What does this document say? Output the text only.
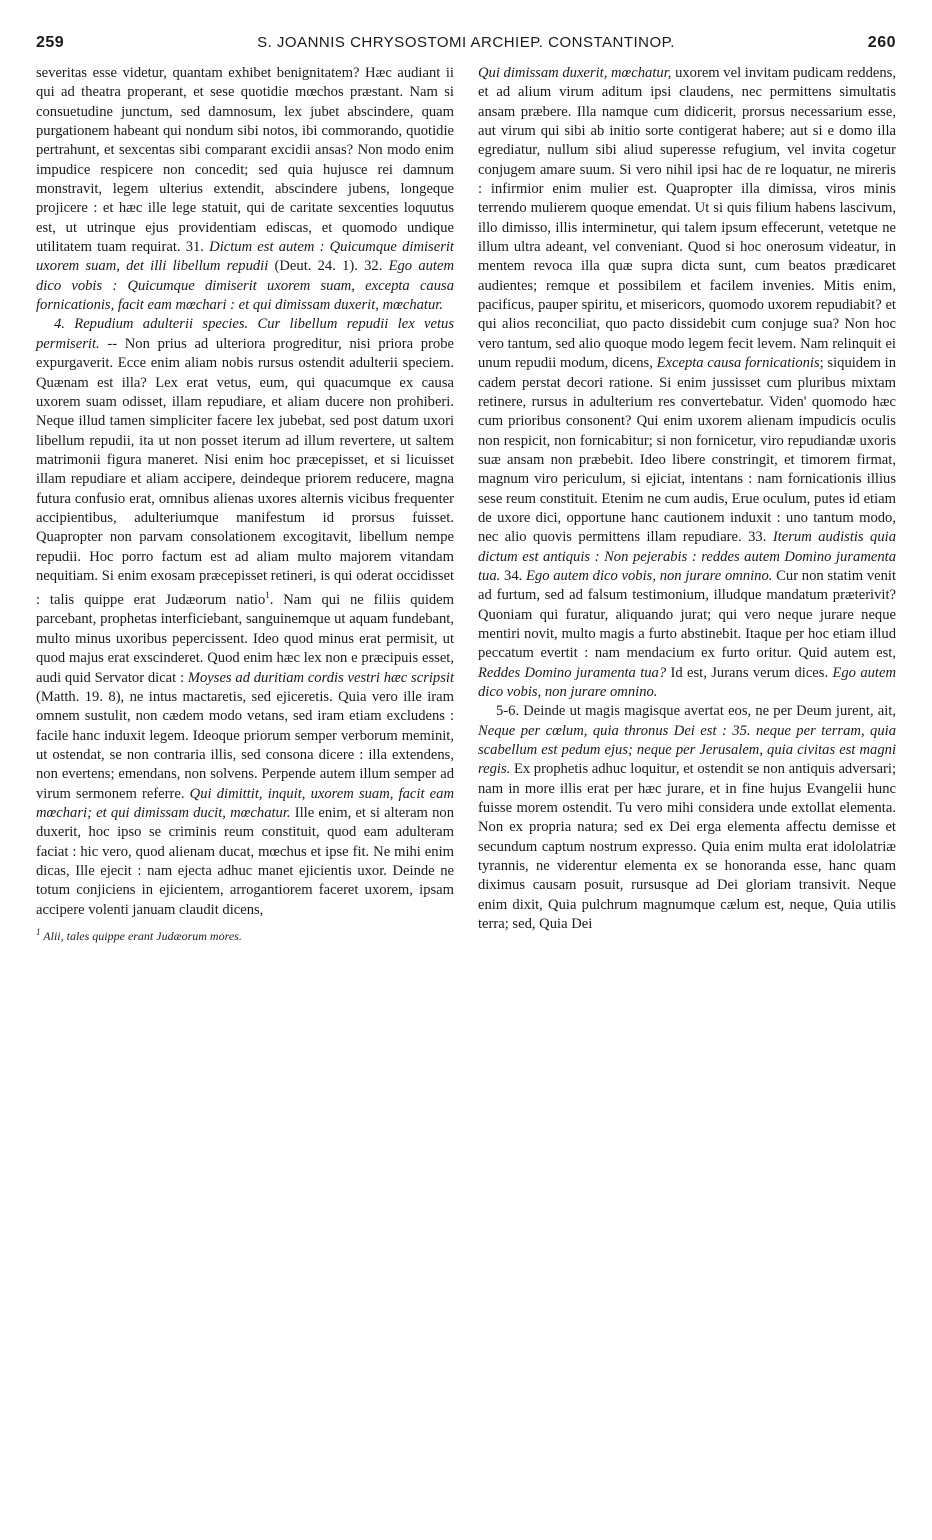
259	S. JOANNIS CHRYSOSTOMI ARCHIEP. CONSTANTINOP.	260

severitas esse videtur, quantam exhibet benignitatem? Hæc audiant ii qui ad theatra properant, et sese quotidie mœchos præstant. Nam si consuetudine junctum, sed damnosum, lex jubet abscindere, quam purgationem habeant qui nondum sibi notos, ibi commorando, quotidie pertrahunt, et sexcentas sibi comparant excidii ansas? Non modo enim impudice respicere non concedit; sed quia hujusce rei damnum monstravit, legem ulterius extendit, abscindere jubens, longeque projicere : et hæc ille lege statuit, qui de caritate sexcenties loquutus est, ut utrinque ejus providentiam ediscas, et quomodo undique utilitatem tuam requirat. 31. Dictum est autem : Quicumque dimiserit uxorem suam, det illi libellum repudii (Deut. 24. 1). 32. Ego autem dico vobis : Quicumque dimiserit uxorem suam, excepta causa fornicationis, facit eam mœchari : et qui dimissam duxerit, mœchatur.

4. Repudium adulterii species. Cur libellum repudii lex vetus permiserit. -- Non prius ad ulteriora progreditur, nisi priora probe expurgaverit. Ecce enim aliam nobis rursus ostendit adulterii speciem. Quænam est illa? Lex erat vetus, eum, qui quacumque ex causa uxorem suam odisset, illam repudiare, et aliam ducere non prohiberi. Neque illud tamen simpliciter facere lex jubebat, sed post datum uxori libellum repudii, ita ut non posset iterum ad illum revertere, ut saltem matrimonii figura maneret. Nisi enim hoc præcepisset, et si licuisset illam repudiare et aliam accipere, deindeque priorem reducere, magna futura confusio erat, omnibus alienas uxores alternis vicibus frequenter accipientibus, adulteriumque manifestum id prorsus fuisset. Quapropter non parvam consolationem excogitavit, libellum nempe repudii. Hoc porro factum est ad aliam multo majorem vitandam nequitiam. Si enim exosam præcepisset retineri, is qui oderat occidisset : talis quippe erat Judæorum natio$^1$. Nam qui ne filiis quidem parcebant, prophetas interficiebant, sanguinemque ut aquam fundebant, multo minus uxoribus pepercissent. Ideo quod minus erat permisit, ut quod majus erat exscinderet. Quod enim hæc lex non e præcipuis esset, audi quid Servator dicat : Moyses ad duritiam cordis vestri hæc scripsit (Matth. 19. 8), ne intus mactaretis, sed ejiceretis. Quia vero ille iram omnem sustulit, non cædem modo vetans, sed iram etiam excludens : facile hanc induxit legem. Ideoque priorum semper verborum meminit, ut ostendat, se non contraria illis, sed consona dicere : illa extendens, non evertens; emendans, non solvens. Perpende autem illum semper ad virum sermonem referre. Qui dimittit, inquit, uxorem suam, facit eam mœchari; et qui dimissam ducit, mœchatur. Ille enim, et si alteram non duxerit, hoc ipso se criminis reum constituit, quod eam adulteram faciat : hic vero, quod alienam ducat, mœchus et ipse fit. Ne mihi enim dicas, Ille ejecit : nam ejecta adhuc manet ejicientis uxor. Deinde ne totum conjiciens in ejicientem, arrogantiorem faceret uxorem, ipsam accipere volenti januam claudit dicens,

$^1$ Alii, tales quippe erant Judæorum mores.

Qui dimissam duxerit, mœchatur, uxorem vel invitam pudicam reddens, et ad alium virum aditum ipsi claudens, nec permittens simultatis ansam præbere. Illa namque cum didicerit, prorsus necessarium esse, aut virum qui sibi ab initio sorte contigerat habere; aut si e domo illa egrediatur, nullum sibi aliud superesse refugium, vel invita cogetur conjugem amare suum. Si vero nihil ipsi hac de re loquatur, ne mireris : infirmior enim mulier est. Quapropter illa dimissa, viros minis terrendo mulierem quoque emendat. Ut si quis filium habens lascivum, illo dimisso, illis interminetur, qui talem ipsum effecerunt, vetetque ne illum ultra adeant, vel conveniant. Quod si hoc onerosum videatur, in mentem revoca illa quæ supra dicta sunt, cum beatos prædicaret audientes; remque et possibilem et facilem invenies. Mitis enim, pacificus, pauper spiritu, et misericors, quomodo uxorem repudiabit? et qui alios reconciliat, quo pacto dissidebit cum conjuge sua? Non hoc vero tantum, sed alio quoque modo legem fecit levem. Nam relinquit ei unum repudii modum, dicens, Excepta causa fornicationis; siquidem in cadem perstat decori ratione. Si enim jussisset cum pluribus mixtam retinere, rursus in adulterium res convertebatur. Viden' quomodo hæc cum prioribus consonent? Qui enim uxorem alienam impudicis oculis non respicit, non fornicabitur; si non fornicetur, viro repudiandæ uxoris suæ ansam non præbebit. Ideo libere constringit, et timorem firmat, magnum viro periculum, si ejiciat, intentans : nam fornicationis illius sese reum constituit. Etenim ne cum audis, Erue oculum, putes id etiam de uxore dici, opportune hanc cautionem induxit : uno tantum modo, nec alio quovis permittens illam repudiare. 33. Iterum audistis quia dictum est antiquis : Non pejerabis : reddes autem Domino juramenta tua. 34. Ego autem dico vobis, non jurare omnino. Cur non statim venit ad furtum, sed ad falsum testimonium, illudque mandatum præterivit? Quoniam qui furatur, aliquando jurat; qui vero neque jurare neque mentiri novit, multo magis a furto abstinebit. Itaque per hoc etiam illud peccatum evertit : nam mendacium ex furto oritur. Quid autem est, Reddes Domino juramenta tua? Id est, Jurans verum dices. Ego autem dico vobis, non jurare omnino.

5-6. Deinde ut magis magisque avertat eos, ne per Deum jurent, ait, Neque per cœlum, quia thronus Dei est : 35. neque per terram, quia scabellum est pedum ejus; neque per Jerusalem, quia civitas est magni regis. Ex prophetis adhuc loquitur, et ostendit se non antiquis adversari; nam in more illis erat per hæc jurare, et in fine hujus Evangelii hunc fuisse morem ostendit. Tu vero mihi considera unde extollat elementa. Non ex propria natura; sed ex Dei erga elementa affectu demisse et secundum captum nostrum expresso. Quia enim multa erat idololatriæ tyrannis, ne viderentur elementa ex se honoranda esse, hanc quam diximus causam posuit, rursusque ad Dei gloriam transivit. Neque enim dixit, Quia pulchrum magnumque cælum est, neque, Quia utilis terra; sed, Quia Dei
